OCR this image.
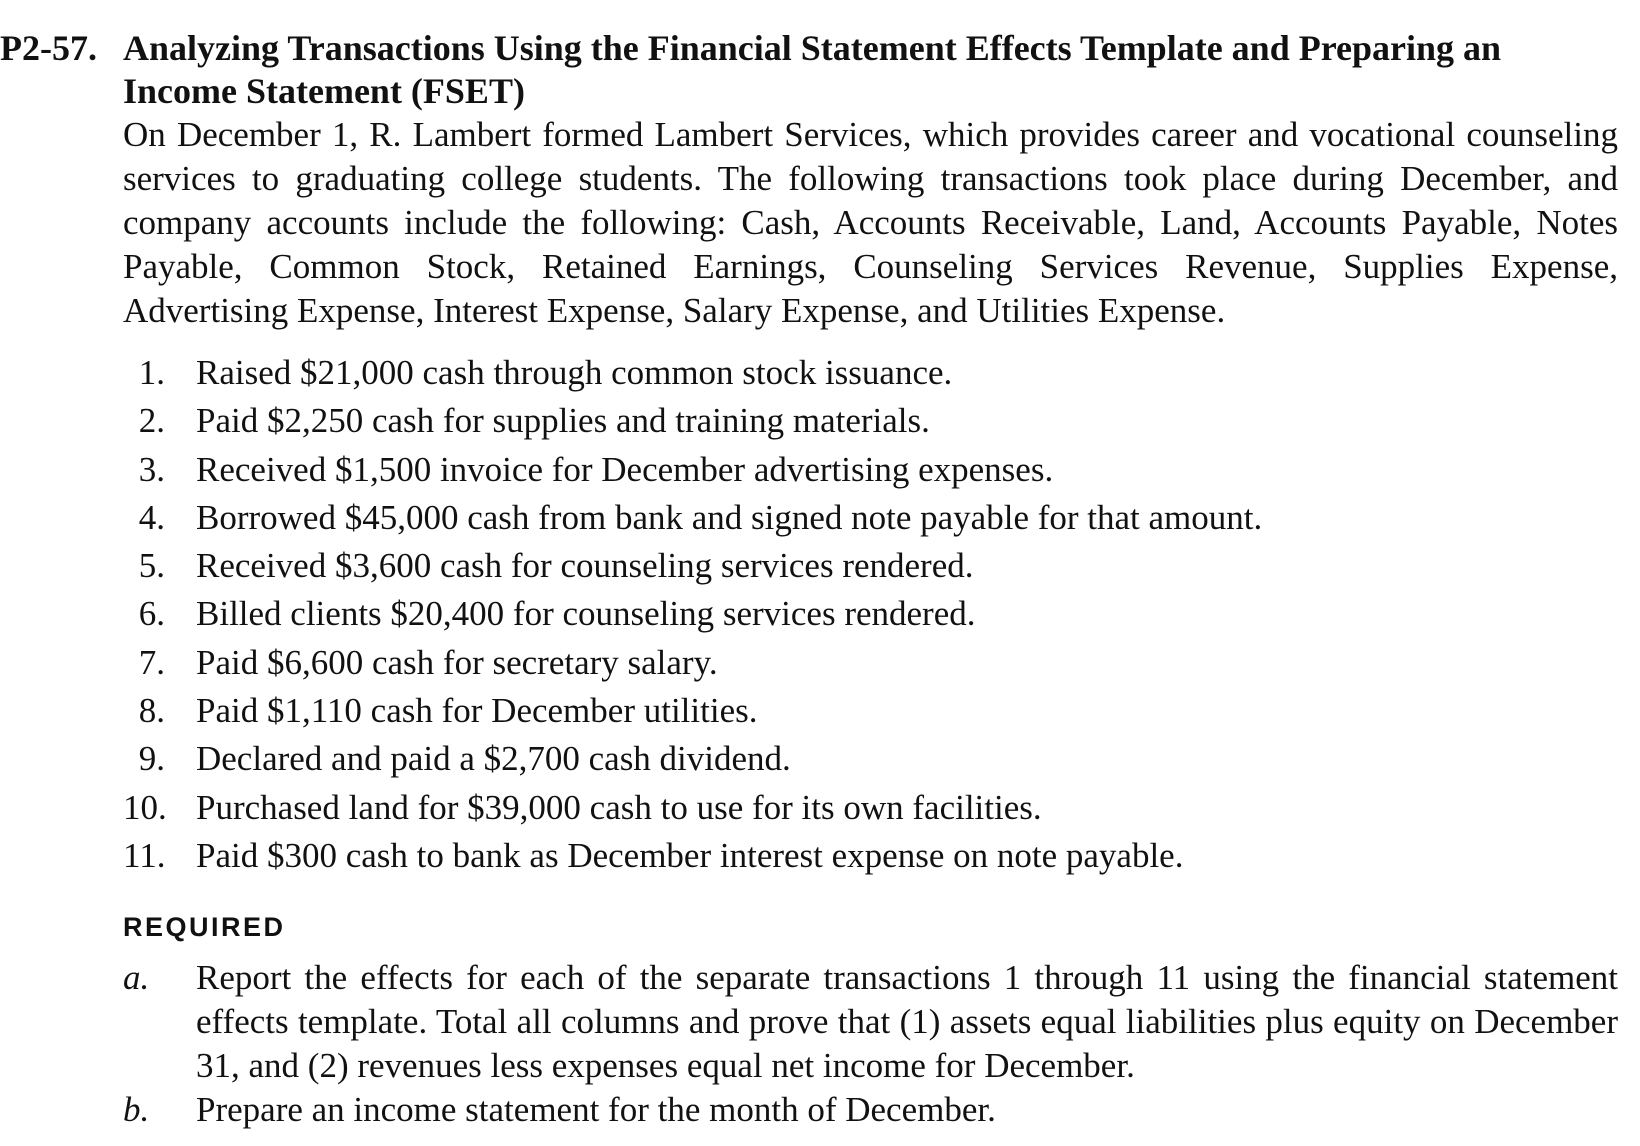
P2-57. Analyzing Transactions Using the Financial Statement Effects Template and Preparing an Income Statement (FSET)

On December 1, R. Lambert formed Lambert Services, which provides career and vocational counseling services to graduating college students. The following transactions took place during December, and company accounts include the following: Cash, Accounts Receivable, Land, Accounts Payable, Notes Payable, Common Stock, Retained Earnings, Counseling Services Revenue, Supplies Expense, Advertising Expense, Interest Expense, Salary Expense, and Utilities Expense.

1. Raised $21,000 cash through common stock issuance.
2. Paid $2,250 cash for supplies and training materials.
3. Received $1,500 invoice for December advertising expenses.
4. Borrowed $45,000 cash from bank and signed note payable for that amount.
5. Received $3,600 cash for counseling services rendered.
6. Billed clients $20,400 for counseling services rendered.
7. Paid $6,600 cash for secretary salary.
8. Paid $1,110 cash for December utilities.
9. Declared and paid a $2,700 cash dividend.
10. Purchased land for $39,000 cash to use for its own facilities.
11. Paid $300 cash to bank as December interest expense on note payable.
REQUIRED
a. Report the effects for each of the separate transactions 1 through 11 using the financial statement effects template. Total all columns and prove that (1) assets equal liabilities plus equity on December 31, and (2) revenues less expenses equal net income for December.
b. Prepare an income statement for the month of December.
